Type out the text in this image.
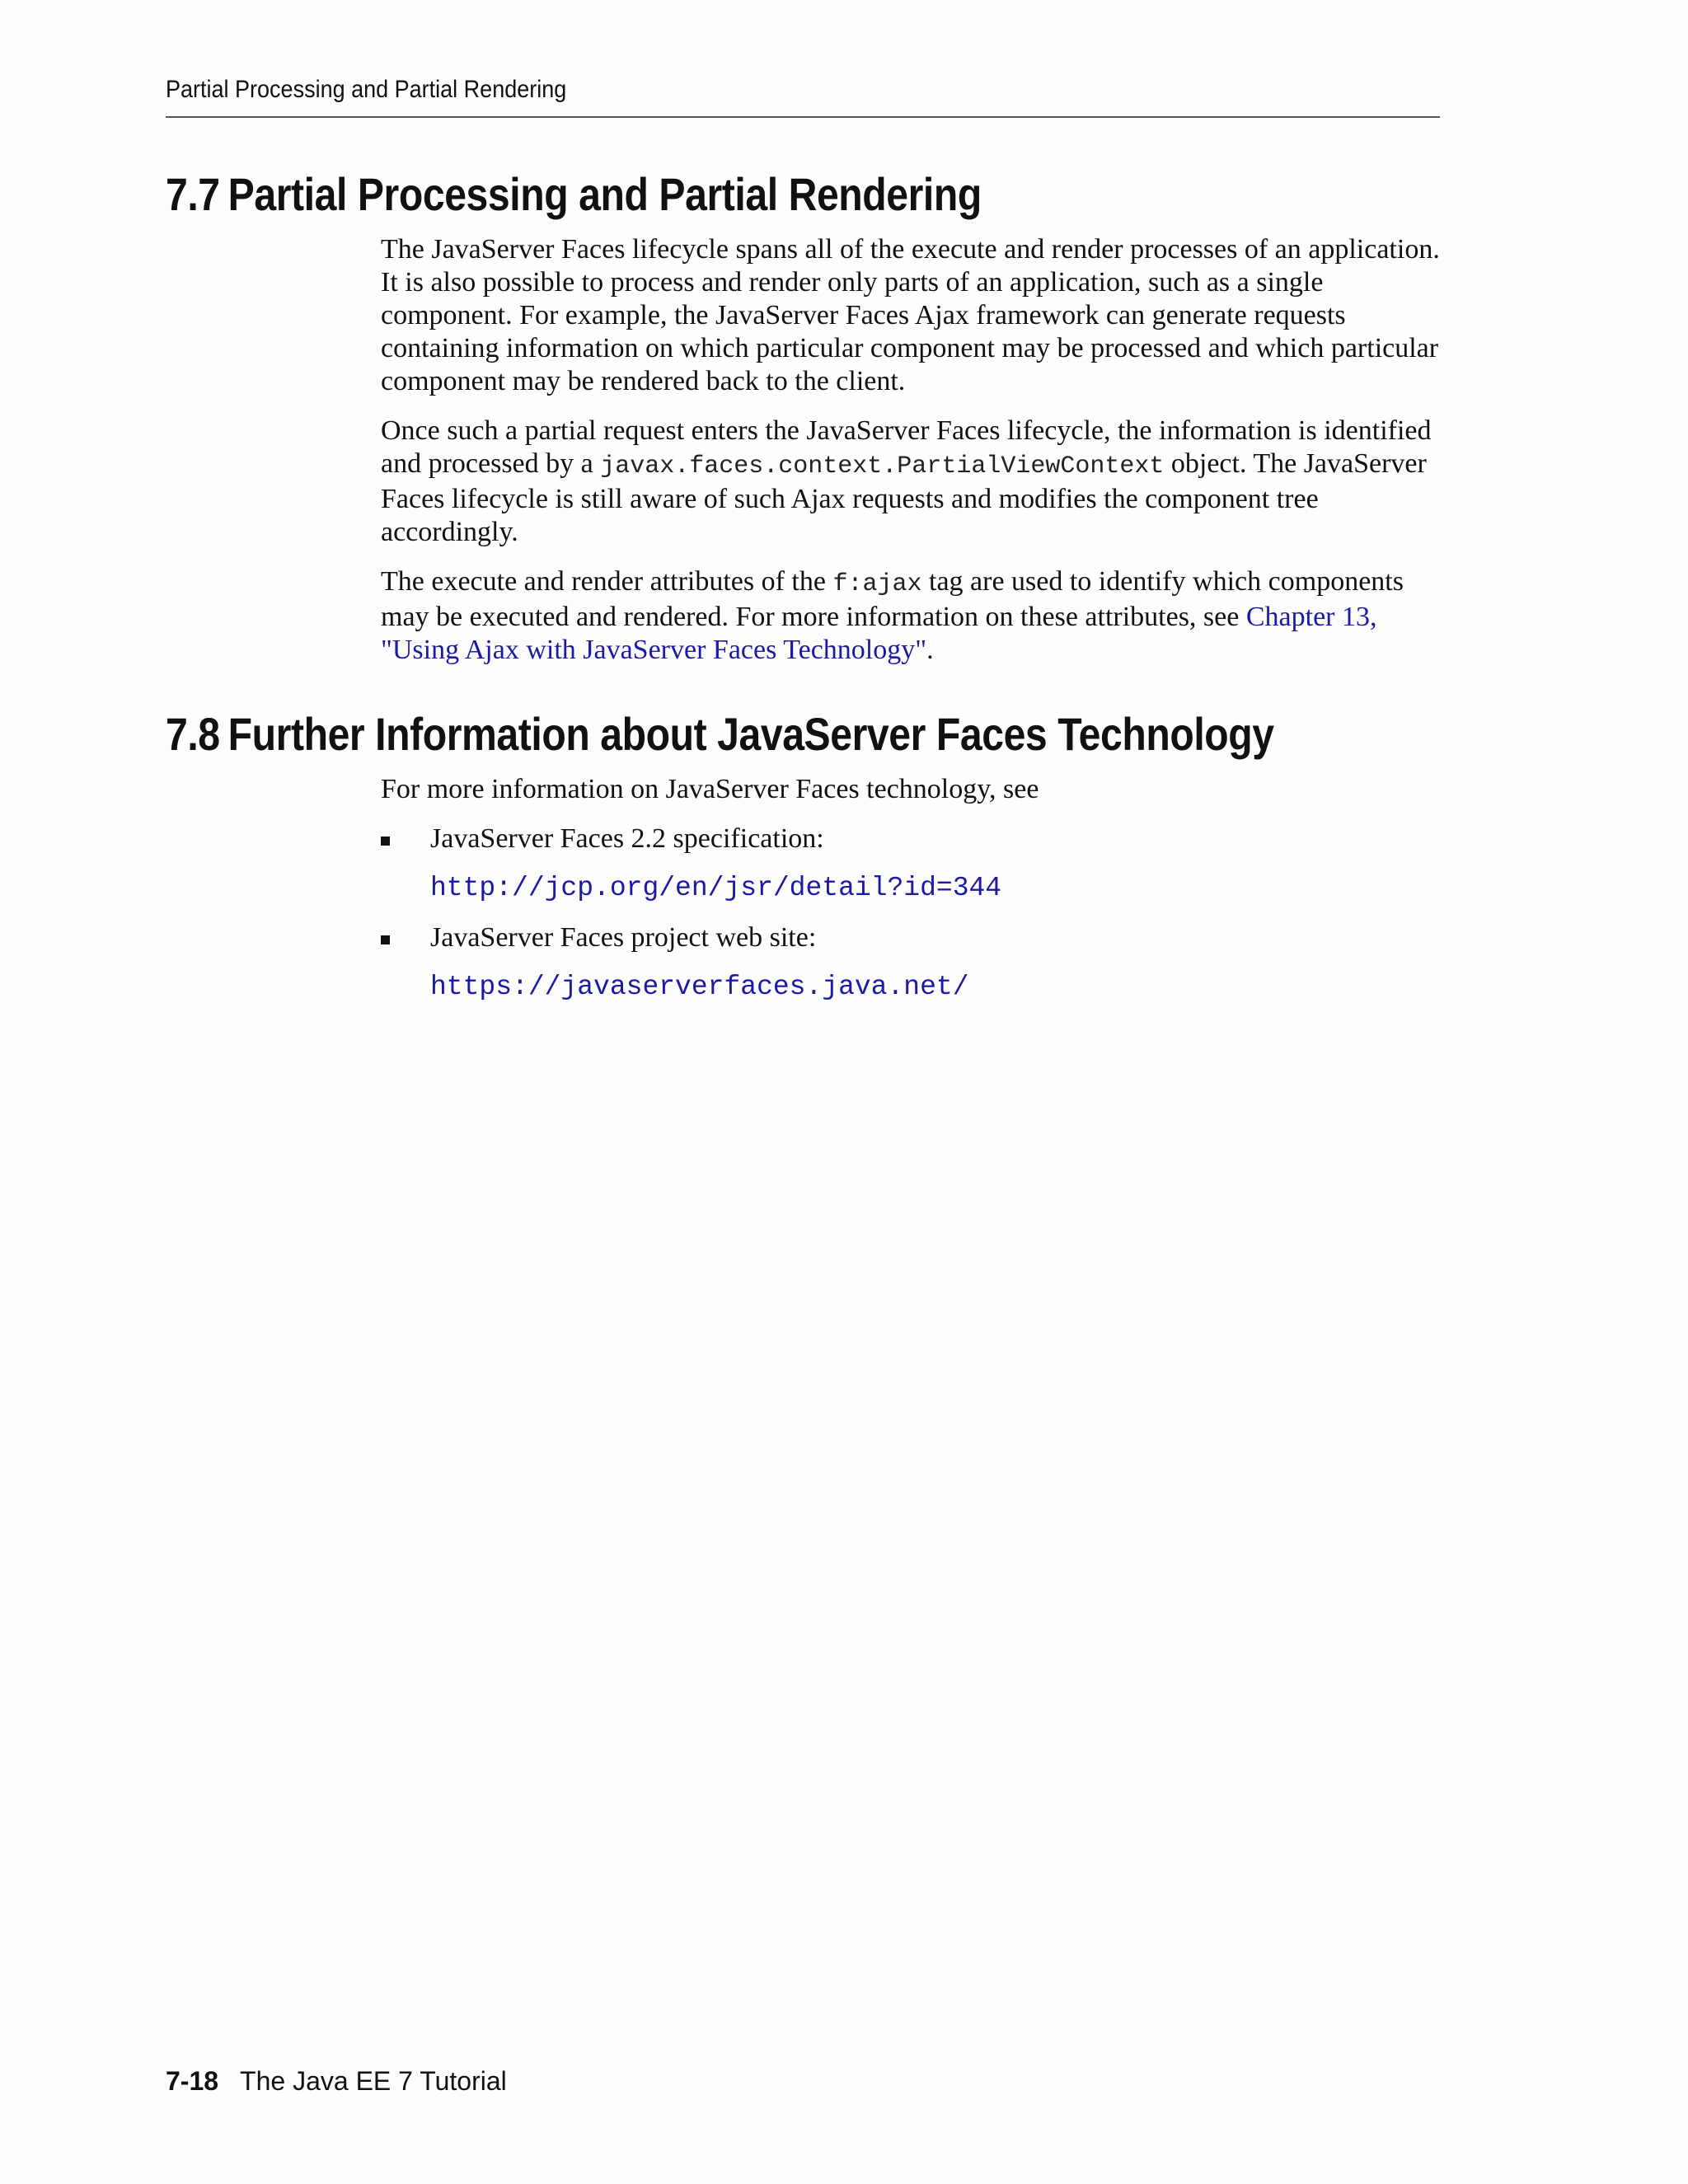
Partial Processing and Partial Rendering
7.7 Partial Processing and Partial Rendering

The JavaServer Faces lifecycle spans all of the execute and render processes of an application. It is also possible to process and render only parts of an application, such as a single component. For example, the JavaServer Faces Ajax framework can generate requests containing information on which particular component may be processed and which particular component may be rendered back to the client.

Once such a partial request enters the JavaServer Faces lifecycle, the information is identified and processed by a javax.faces.context.PartialViewContext object. The JavaServer Faces lifecycle is still aware of such Ajax requests and modifies the component tree accordingly.

The execute and render attributes of the f:ajax tag are used to identify which components may be executed and rendered. For more information on these attributes, see Chapter 13, "Using Ajax with JavaServer Faces Technology".

7.8 Further Information about JavaServer Faces Technology

For more information on JavaServer Faces technology, see

JavaServer Faces 2.2 specification:
http://jcp.org/en/jsr/detail?id=344
JavaServer Faces project web site:
https://javaserverfaces.java.net/
7-18 The Java EE 7 Tutorial
